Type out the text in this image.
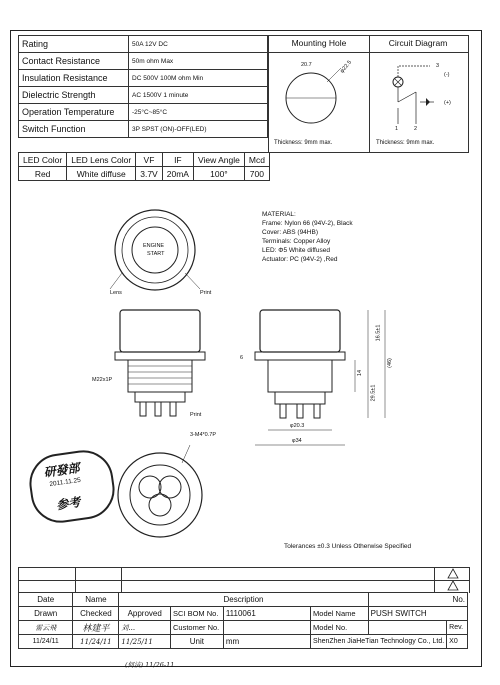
Rating	50A 12V DC
Contact Resistance	50m ohm Max
Insulation Resistance	DC 500V 100M ohm Min
Dielectric Strength	AC 1500V 1 minute
Operation Temperature	-25°C~85°C
Switch Function	3P SPST (ON)-OFF(LED)
Mounting Hole
20.7	φ22.5
Thickness: 9mm max.
Circuit Diagram
3
(-)
(+)
1	2
Thickness: 9mm max.
LED Color	LED Lens Color	VF	IF	View Angle	Mcd
Red	White diffuse	3.7V	20mA	100°	700
ENGINE
START
Lens	Print
MATERIAL:
Frame: Nylon 66 (94V-2), Black
Cover: ABS (94HB)
Terminals: Copper Alloy
LED: Φ5 White diffused
Actuator: PC (94V-2) ,Red
M22x1P
Print
16.5±1
14
29.5±1
(46)
6
φ20.3
φ34
3-M4*0.7P
研發部
2011.11.25
参考
Tolerances ±0.3 Unless Otherwise Specified
Date	Name	Description				No.	
Drawn	Checked	Approved	SCI BOM No.	1110061	Model Name	PUSH SWITCH	
雷云飛	林建平	刘...	Customer No.		Model No.		Rev.
11/24/11	11/24/11	11/25/11	Unit	mm	ShenZhen JiaHeTian Technology Co., Ltd.		X0
(何洁) 11/26-11
